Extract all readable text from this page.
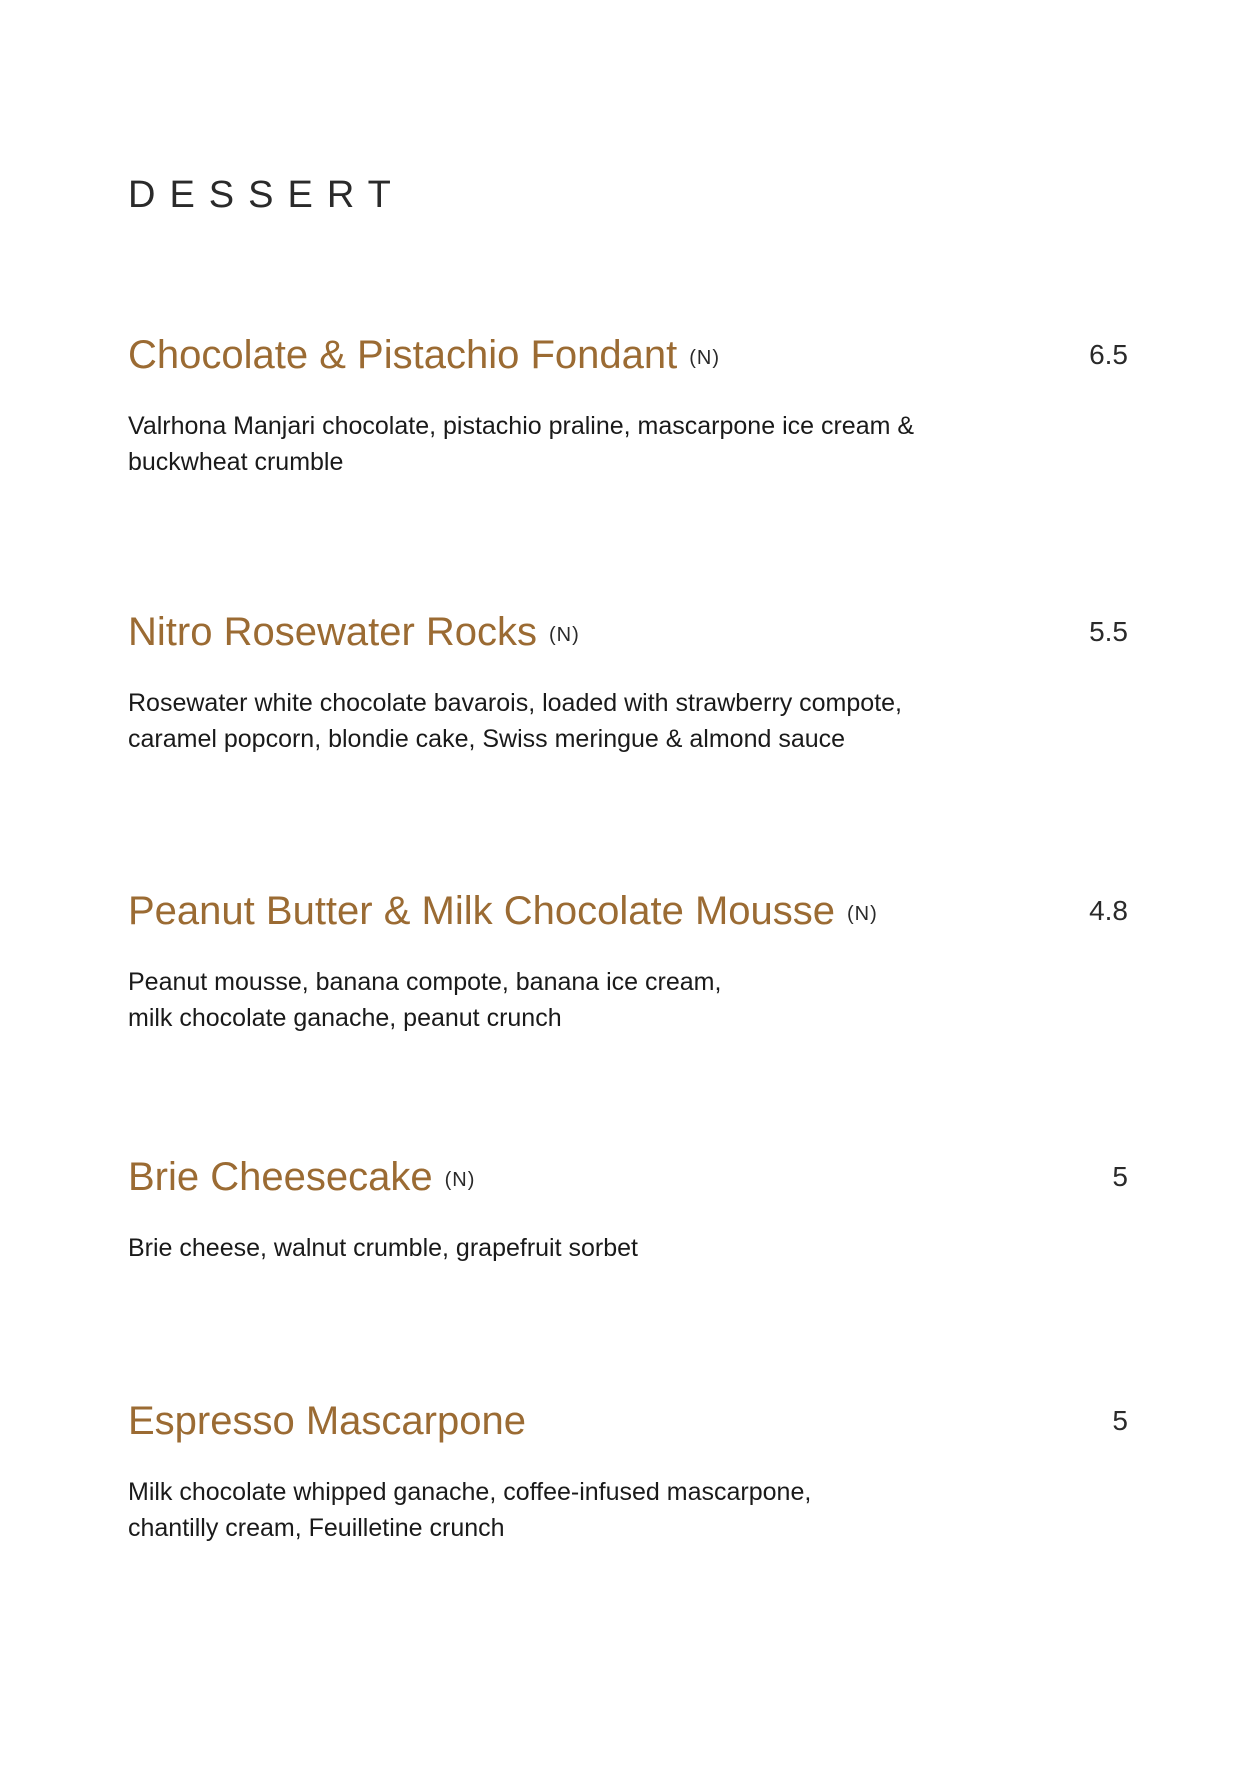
DESSERT
Chocolate & Pistachio Fondant (N)	6.5

Valrhona Manjari chocolate, pistachio praline, mascarpone ice cream &
buckwheat crumble

Nitro Rosewater Rocks (N)	5.5

Rosewater white chocolate bavarois, loaded with strawberry compote,
caramel popcorn, blondie cake, Swiss meringue & almond sauce

Peanut Butter & Milk Chocolate Mousse (N)	4.8

Peanut mousse, banana compote, banana ice cream,
milk chocolate ganache, peanut crunch

Brie Cheesecake (N)	5

Brie cheese, walnut crumble, grapefruit sorbet

Espresso Mascarpone	5

Milk chocolate whipped ganache, coffee-infused mascarpone,
chantilly cream, Feuilletine crunch
